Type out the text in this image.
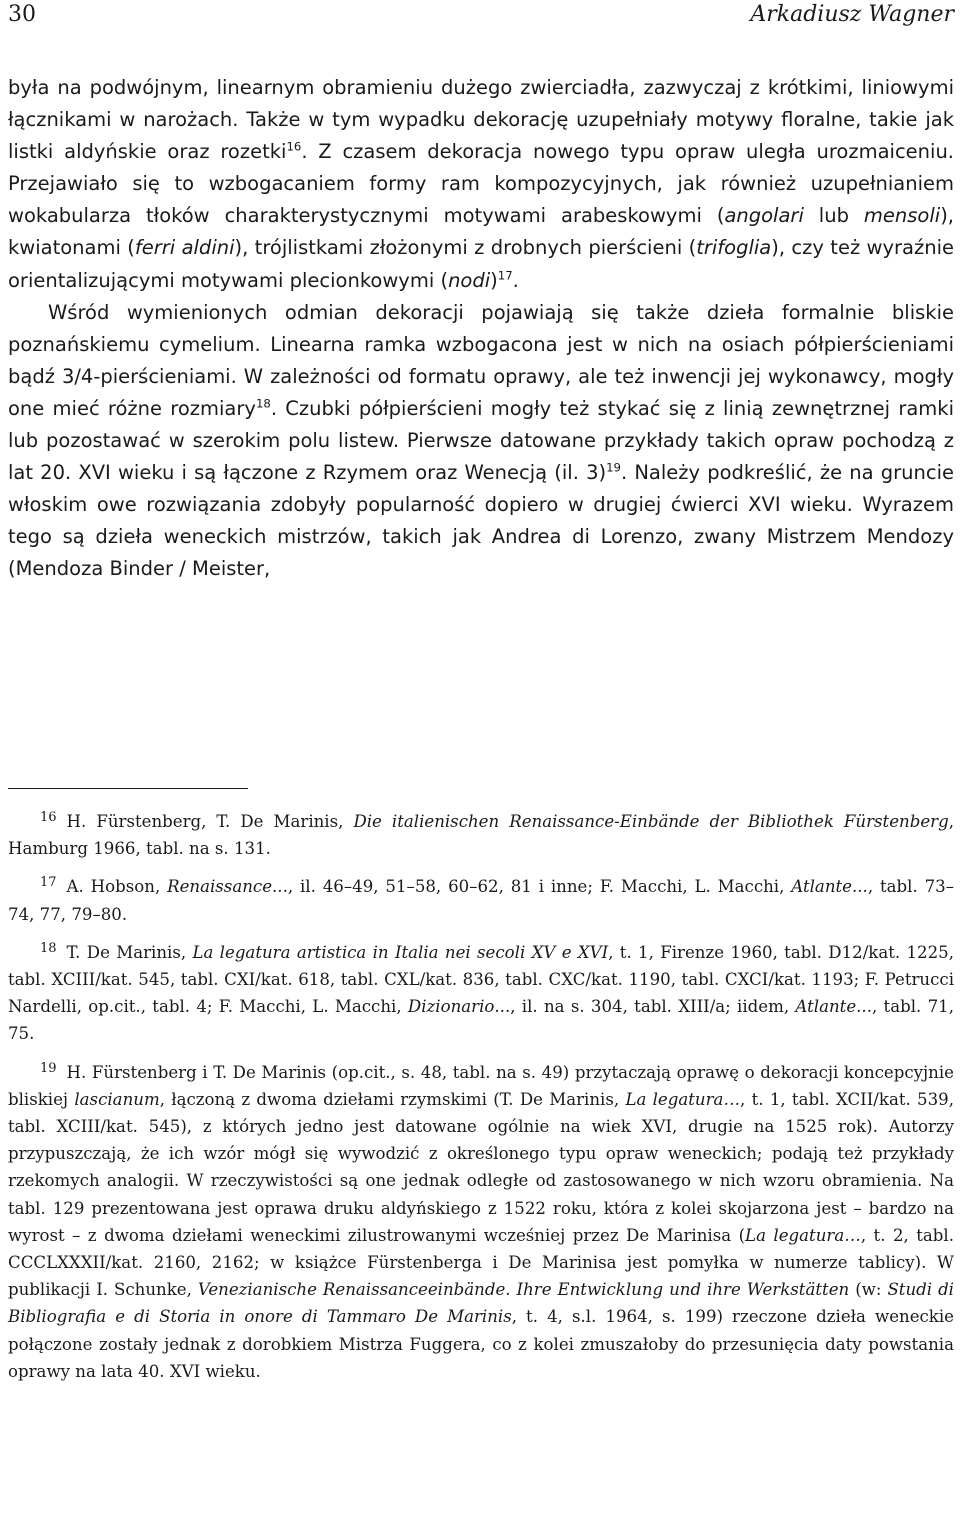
30	Arkadiusz Wagner

była na podwójnym, linearnym obramieniu dużego zwierciadła, zazwyczaj z krótkimi, liniowymi łącznikami w narożach. Także w tym wypadku dekorację uzupełniały motywy floralne, takie jak listki aldyńskie oraz rozetki$^{16}$. Z czasem dekoracja nowego typu opraw uległa urozmaiceniu. Przejawiało się to wzbogacaniem formy ram kompozycyjnych, jak również uzupełnianiem wokabularza tłoków charakterystycznymi motywami arabeskowymi (angolari lub mensoli), kwiatonami (ferri aldini), trójlistkami złożonymi z drobnych pierścieni (trifoglia), czy też wyraźnie orientalizującymi motywami plecionkowymi (nodi)$^{17}$.

Wśród wymienionych odmian dekoracji pojawiają się także dzieła formalnie bliskie poznańskiemu cymelium. Linearna ramka wzbogacona jest w nich na osiach półpierścieniami bądź 3/4-pierścieniami. W zależności od formatu oprawy, ale też inwencji jej wykonawcy, mogły one mieć różne rozmiary$^{18}$. Czubki półpierścieni mogły też stykać się z linią zewnętrznej ramki lub pozostawać w szerokim polu listew. Pierwsze datowane przykłady takich opraw pochodzą z lat 20. XVI wieku i są łączone z Rzymem oraz Wenecją (il. 3)$^{19}$. Należy podkreślić, że na gruncie włoskim owe rozwiązania zdobyły popularność dopiero w drugiej ćwierci XVI wieku. Wyrazem tego są dzieła weneckich mistrzów, takich jak Andrea di Lorenzo, zwany Mistrzem Mendozy (Mendoza Binder / Meister,

$^{16}$ H. Fürstenberg, T. De Marinis, Die italienischen Renaissance-Einbände der Bibliothek Fürstenberg, Hamburg 1966, tabl. na s. 131.

$^{17}$ A. Hobson, Renaissance..., il. 46–49, 51–58, 60–62, 81 i inne; F. Macchi, L. Macchi, Atlante..., tabl. 73–74, 77, 79–80.

$^{18}$ T. De Marinis, La legatura artistica in Italia nei secoli XV e XVI, t. 1, Firenze 1960, tabl. D12/kat. 1225, tabl. XCIII/kat. 545, tabl. CXI/kat. 618, tabl. CXL/kat. 836, tabl. CXC/kat. 1190, tabl. CXCI/kat. 1193; F. Petrucci Nardelli, op.cit., tabl. 4; F. Macchi, L. Macchi, Dizionario..., il. na s. 304, tabl. XIII/a; iidem, Atlante..., tabl. 71, 75.

$^{19}$ H. Fürstenberg i T. De Marinis (op.cit., s. 48, tabl. na s. 49) przytaczają oprawę o dekoracji koncepcyjnie bliskiej lascianum, łączoną z dwoma dziełami rzymskimi (T. De Marinis, La legatura…, t. 1, tabl. XCII/kat. 539, tabl. XCIII/kat. 545), z których jedno jest datowane ogólnie na wiek XVI, drugie na 1525 rok). Autorzy przypuszczają, że ich wzór mógł się wywodzić z określonego typu opraw weneckich; podają też przykłady rzekomych analogii. W rzeczywistości są one jednak odległe od zastosowanego w nich wzoru obramienia. Na tabl. 129 prezentowana jest oprawa druku aldyńskiego z 1522 roku, która z kolei skojarzona jest – bardzo na wyrost – z dwoma dziełami weneckimi zilustrowanymi wcześniej przez De Marinisa (La legatura…, t. 2, tabl. CCCLXXXII/kat. 2160, 2162; w książce Fürstenberga i De Marinisa jest pomyłka w numerze tablicy). W publikacji I. Schunke, Venezianische Renaissanceeinbände. Ihre Entwicklung und ihre Werkstätten (w: Studi di Bibliografia e di Storia in onore di Tammaro De Marinis, t. 4, s.l. 1964, s. 199) rzeczone dzieła weneckie połączone zostały jednak z dorobkiem Mistrza Fuggera, co z kolei zmuszałoby do przesunięcia daty powstania oprawy na lata 40. XVI wieku.
